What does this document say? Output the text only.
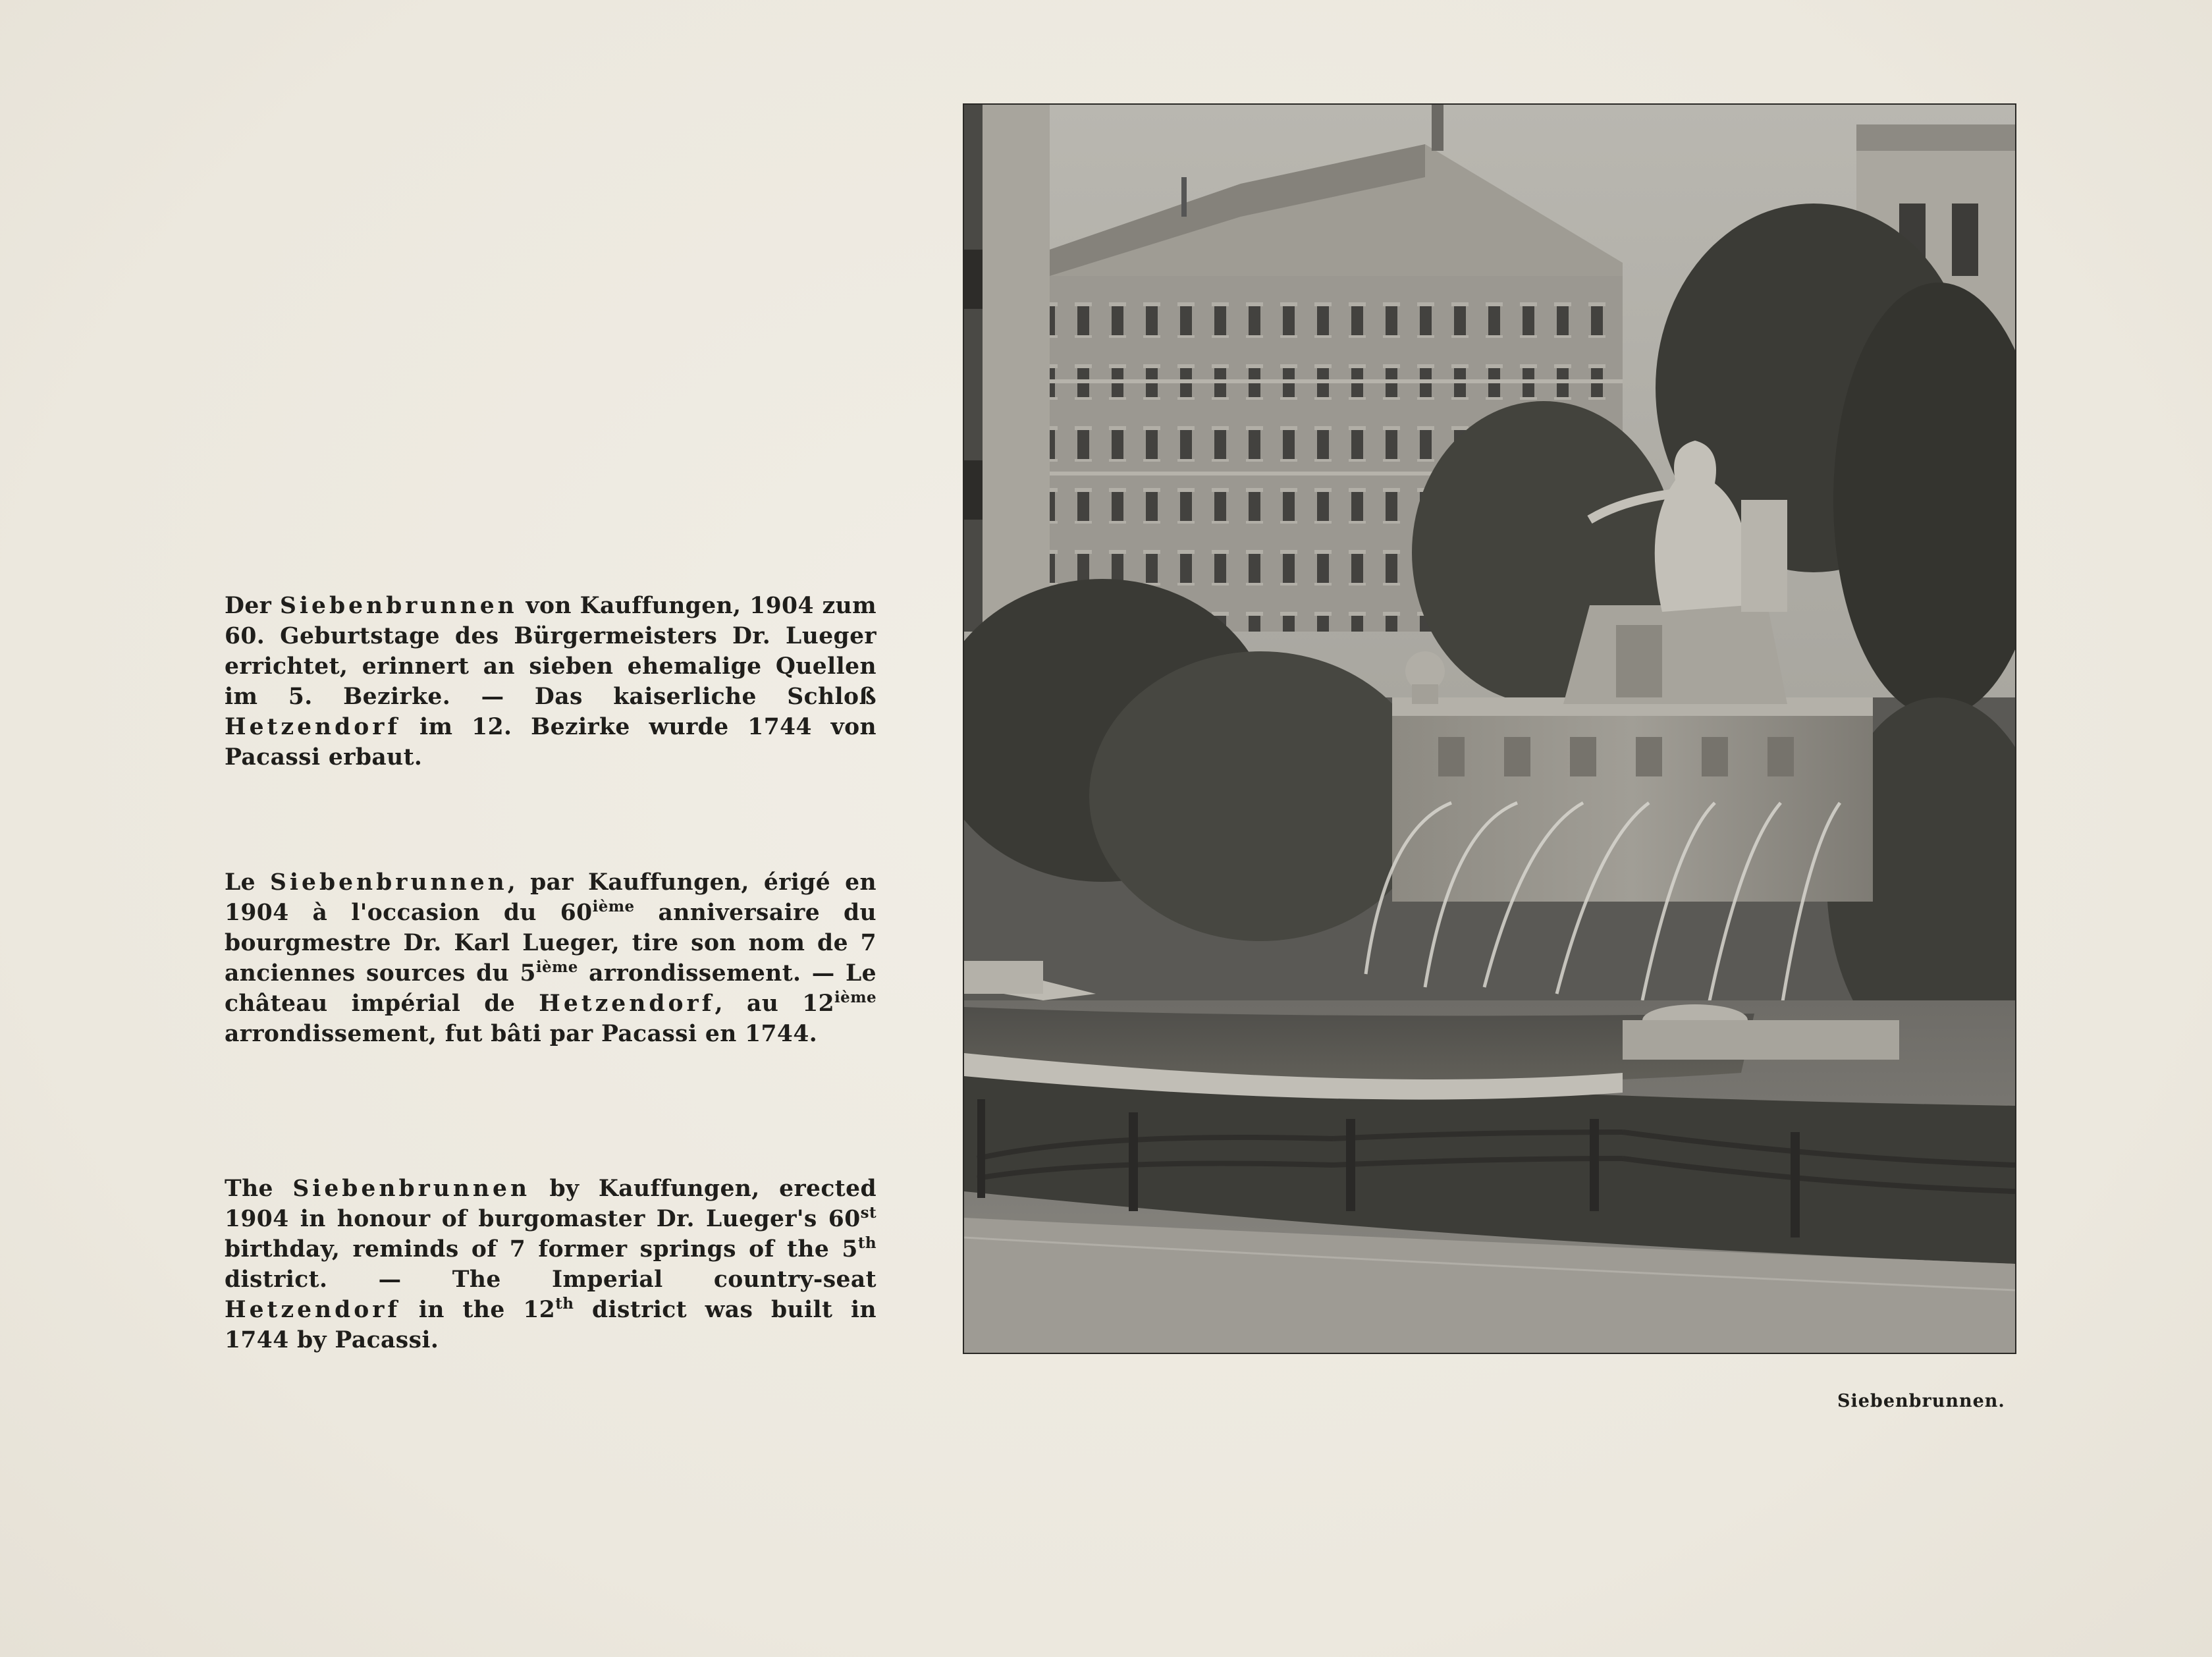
Der Siebenbrunnen von Kauffungen, 1904 zum 60. Geburtstage des Bürgermeisters Dr. Lueger errichtet, erinnert an sieben ehemalige Quellen im 5. Bezirke. — Das kaiserliche Schloß Hetzendorf im 12. Bezirke wurde 1744 von Pacassi erbaut.
Le Siebenbrunnen, par Kauffungen, érigé en 1904 à l'occasion du 60ième anniversaire du bourgmestre Dr. Karl Lueger, tire son nom de 7 anciennes sources du 5ième arrondissement. — Le château impérial de Hetzendorf, au 12ième arrondissement, fut bâti par Pacassi en 1744.
The Siebenbrunnen by Kauffungen, erected 1904 in honour of burgomaster Dr. Lueger's 60st birthday, reminds of 7 former springs of the 5th district. — The Imperial country-seat Hetzendorf in the 12th district was built in 1744 by Pacassi.
Siebenbrunnen.
